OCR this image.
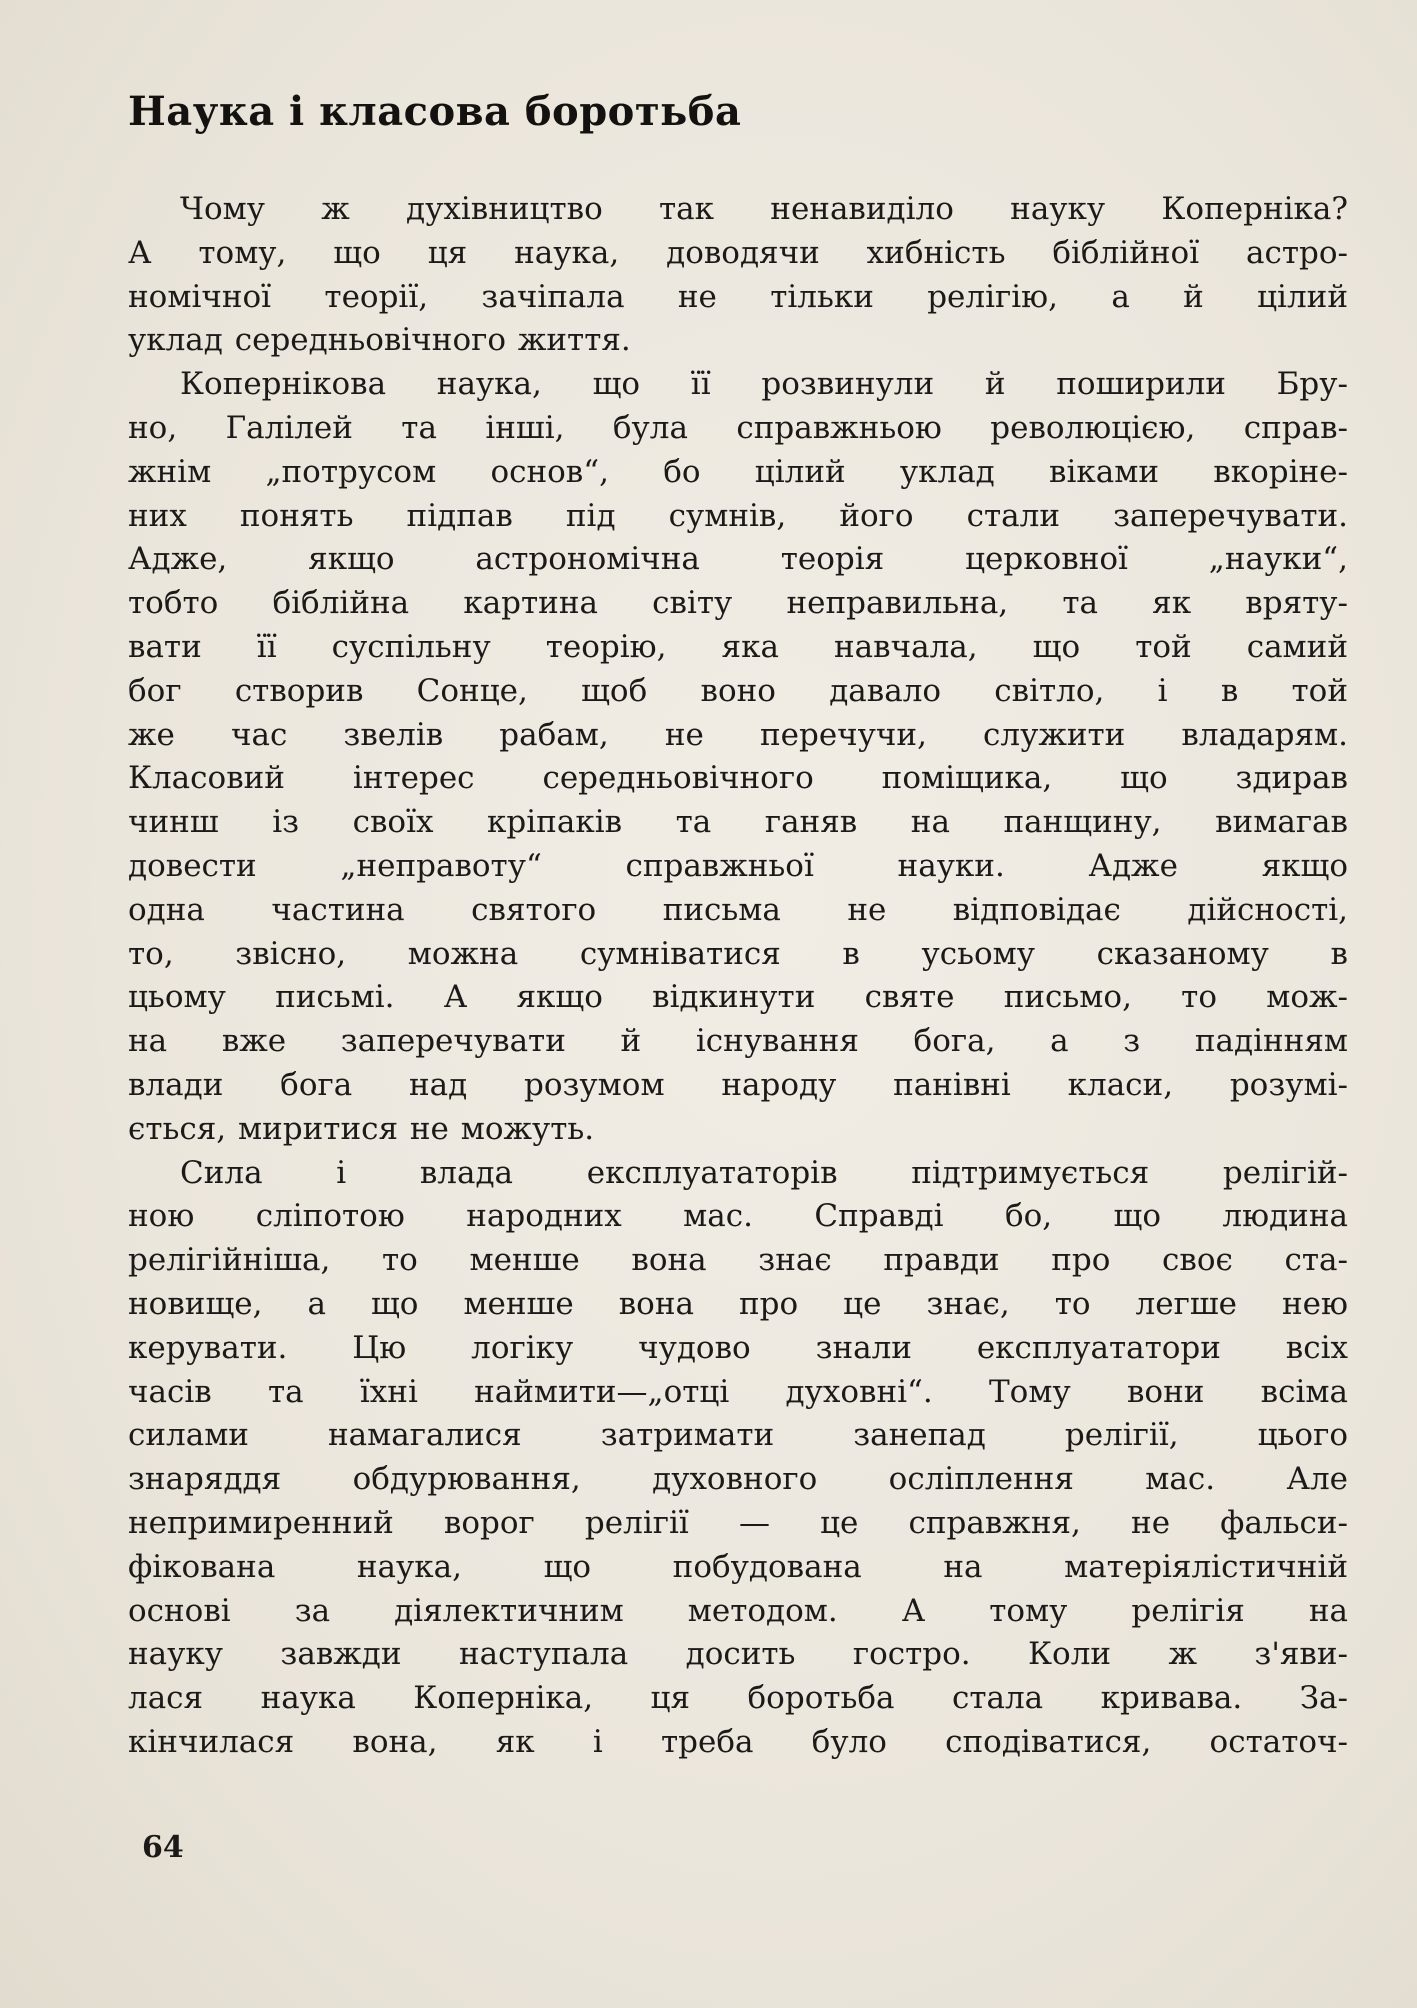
Наука і класова боротьба
Чому ж духівництво так ненавиділо науку Коперніка?
А тому, що ця наука, доводячи хибність біблійної астро-
номічної теорії, зачіпала не тільки релігію, а й цілий
уклад середньовічного життя.
Копернікова наука, що її розвинули й поширили Бру-
но, Галілей та інші, була справжньою революцією, справ-
жнім „потрусом основ“, бо цілий уклад віками вкоріне-
них понять підпав під сумнів, його стали заперечувати.
Адже, якщо астрономічна теорія церковної „науки“,
тобто біблійна картина світу неправильна, та як вряту-
вати її суспільну теорію, яка навчала, що той самий
бог створив Сонце, щоб воно давало світло, і в той
же час звелів рабам, не перечучи, служити владарям.
Класовий інтерес середньовічного поміщика, що здирав
чинш із своїх кріпаків та ганяв на панщину, вимагав
довести „неправоту“ справжньої науки. Адже якщо
одна частина святого письма не відповідає дійсності,
то, звісно, можна сумніватися в усьому сказаному в
цьому письмі. А якщо відкинути святе письмо, то мож-
на вже заперечувати й існування бога, а з падінням
влади бога над розумом народу панівні класи, розумі-
ється, миритися не можуть.
Сила і влада експлуататорів підтримується релігій-
ною сліпотою народних мас. Справді бо, що людина
релігійніша, то менше вона знає правди про своє ста-
новище, а що менше вона про це знає, то легше нею
керувати. Цю логіку чудово знали експлуататори всіх
часів та їхні наймити—„отці духовні“. Тому вони всіма
силами намагалися затримати занепад релігії, цього
знаряддя обдурювання, духовного осліплення мас. Але
непримиренний ворог релігії — це справжня, не фальси-
фікована наука, що побудована на матеріялістичній
основі за діялектичним методом. А тому релігія на
науку завжди наступала досить гостро. Коли ж з'яви-
лася наука Коперніка, ця боротьба стала кривава. За-
кінчилася вона, як і треба було сподіватися, остаточ-
64
